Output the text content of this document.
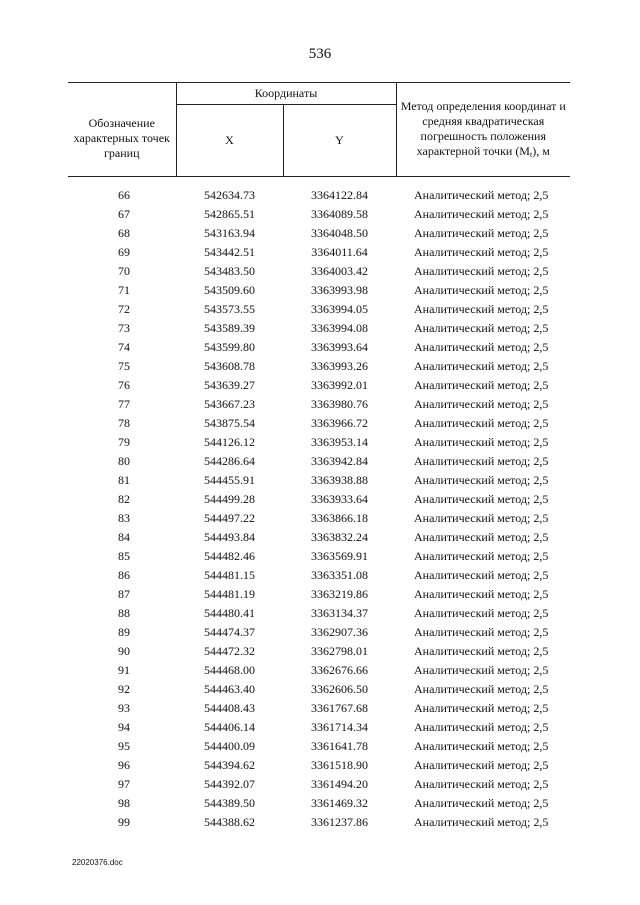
536
Обозначение характерных точек границ	Координаты		Метод определения координат и средняя квадратическая погрешность положения характерной точки $(M_t)$, м
	X	Y	

66	542634.73	3364122.84	Аналитический метод; 2,5
67	542865.51	3364089.58	Аналитический метод; 2,5
68	543163.94	3364048.50	Аналитический метод; 2,5
69	543442.51	3364011.64	Аналитический метод; 2,5
70	543483.50	3364003.42	Аналитический метод; 2,5
71	543509.60	3363993.98	Аналитический метод; 2,5
72	543573.55	3363994.05	Аналитический метод; 2,5
73	543589.39	3363994.08	Аналитический метод; 2,5
74	543599.80	3363993.64	Аналитический метод; 2,5
75	543608.78	3363993.26	Аналитический метод; 2,5
76	543639.27	3363992.01	Аналитический метод; 2,5
77	543667.23	3363980.76	Аналитический метод; 2,5
78	543875.54	3363966.72	Аналитический метод; 2,5
79	544126.12	3363953.14	Аналитический метод; 2,5
80	544286.64	3363942.84	Аналитический метод; 2,5
81	544455.91	3363938.88	Аналитический метод; 2,5
82	544499.28	3363933.64	Аналитический метод; 2,5
83	544497.22	3363866.18	Аналитический метод; 2,5
84	544493.84	3363832.24	Аналитический метод; 2,5
85	544482.46	3363569.91	Аналитический метод; 2,5
86	544481.15	3363351.08	Аналитический метод; 2,5
87	544481.19	3363219.86	Аналитический метод; 2,5
88	544480.41	3363134.37	Аналитический метод; 2,5
89	544474.37	3362907.36	Аналитический метод; 2,5
90	544472.32	3362798.01	Аналитический метод; 2,5
91	544468.00	3362676.66	Аналитический метод; 2,5
92	544463.40	3362606.50	Аналитический метод; 2,5
93	544408.43	3361767.68	Аналитический метод; 2,5
94	544406.14	3361714.34	Аналитический метод; 2,5
95	544400.09	3361641.78	Аналитический метод; 2,5
96	544394.62	3361518.90	Аналитический метод; 2,5
97	544392.07	3361494.20	Аналитический метод; 2,5
98	544389.50	3361469.32	Аналитический метод; 2,5
99	544388.62	3361237.86	Аналитический метод; 2,5
22020376.doc
